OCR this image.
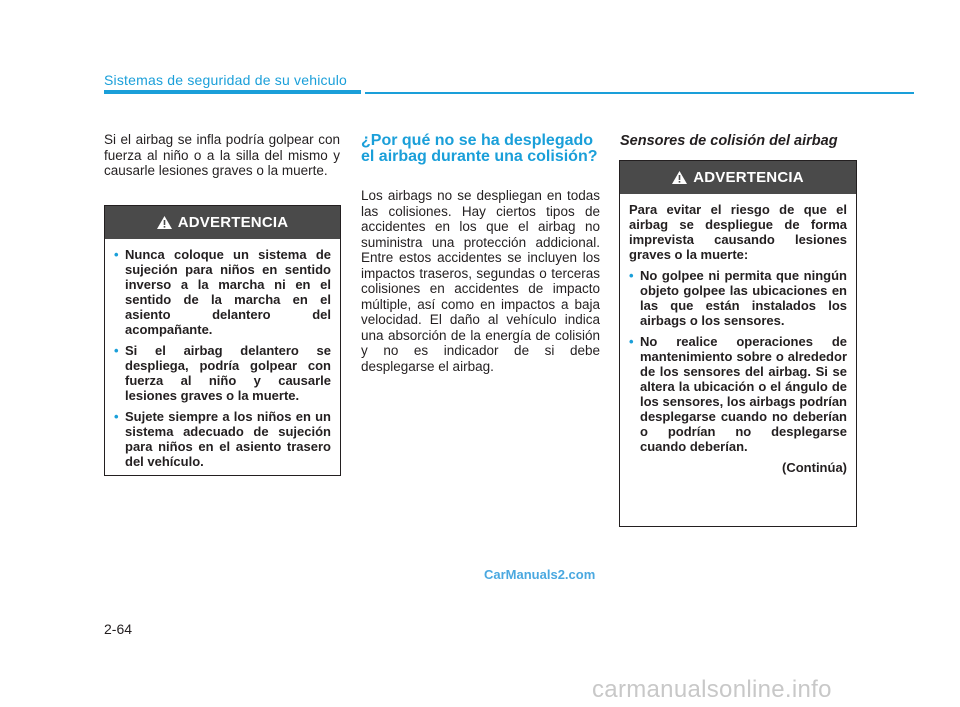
Sistemas de seguridad de su vehiculo

Si el airbag se infla podría golpear con fuerza al niño o a la silla del mismo y causarle lesiones graves o la muerte.

ADVERTENCIA
• Nunca coloque un sistema de sujeción para niños en sentido inverso a la marcha ni en el sentido de la marcha en el asiento delantero del acompañante.
• Si el airbag delantero se despliega, podría golpear con fuerza al niño y causarle lesiones graves o la muerte.
• Sujete siempre a los niños en un sistema adecuado de sujeción para niños en el asiento trasero del vehículo.
¿Por qué no se ha desplegado el airbag durante una colisión?

Los airbags no se despliegan en todas las colisiones. Hay ciertos tipos de accidentes en los que el airbag no suministra una protección addicional. Entre estos accidentes se incluyen los impactos traseros, segundas o terceras colisiones en accidentes de impacto múltiple, así como en impactos a baja velocidad. El daño al vehículo indica una absorción de la energía de colisión y no es indicador de si debe desplegarse el airbag.

Sensores de colisión del airbag
ADVERTENCIA

Para evitar el riesgo de que el airbag se despliegue de forma imprevista causando lesiones graves o la muerte:

• No golpee ni permita que ningún objeto golpee las ubicaciones en las que están instalados los airbags o los sensores.
• No realice operaciones de mantenimiento sobre o alrededor de los sensores del airbag. Si se altera la ubicación o el ángulo de los sensores, los airbags podrían desplegarse cuando no deberían o podrían no desplegarse cuando deberían.
(Continúa)
CarManuals2.com
2-64
carmanualsonline.info
